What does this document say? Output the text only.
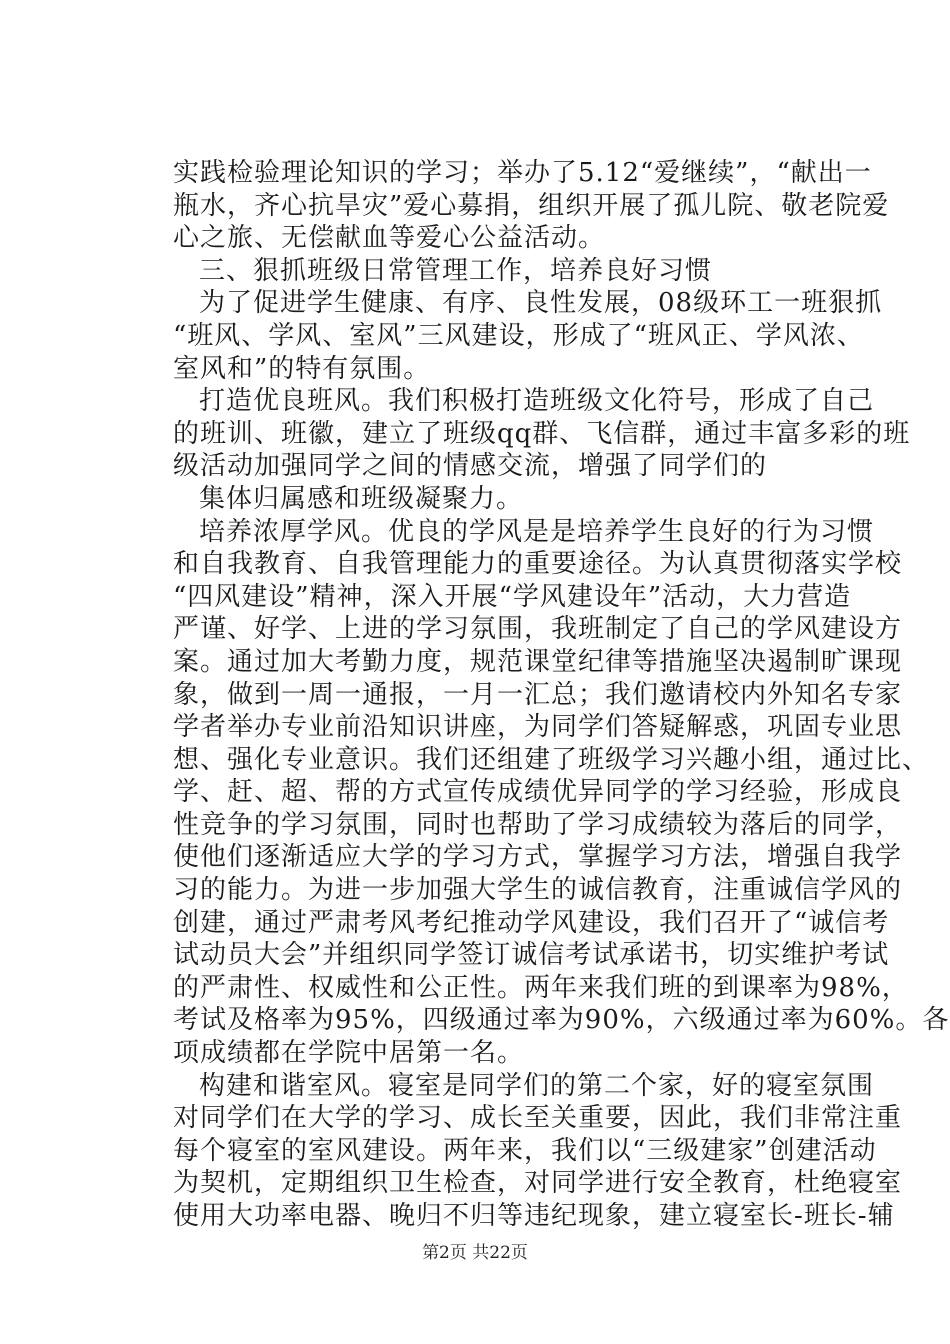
实践检验理论知识的学习；举办了5.12“爱继续”，“献出一
瓶水，齐心抗旱灾”爱心募捐，组织开展了孤儿院、敬老院爱
心之旅、无偿献血等爱心公益活动。
三、狠抓班级日常管理工作，培养良好习惯
为了促进学生健康、有序、良性发展，08级环工一班狠抓
“班风、学风、室风”三风建设，形成了“班风正、学风浓、
室风和”的特有氛围。
打造优良班风。我们积极打造班级文化符号，形成了自己
的班训、班徽，建立了班级qq群、飞信群，通过丰富多彩的班
级活动加强同学之间的情感交流，增强了同学们的
集体归属感和班级凝聚力。
培养浓厚学风。优良的学风是是培养学生良好的行为习惯
和自我教育、自我管理能力的重要途径。为认真贯彻落实学校
“四风建设”精神，深入开展“学风建设年”活动，大力营造
严谨、好学、上进的学习氛围，我班制定了自己的学风建设方
案。通过加大考勤力度，规范课堂纪律等措施坚决遏制旷课现
象，做到一周一通报，一月一汇总；我们邀请校内外知名专家
学者举办专业前沿知识讲座，为同学们答疑解惑，巩固专业思
想、强化专业意识。我们还组建了班级学习兴趣小组，通过比、
学、赶、超、帮的方式宣传成绩优异同学的学习经验，形成良
性竞争的学习氛围，同时也帮助了学习成绩较为落后的同学，
使他们逐渐适应大学的学习方式，掌握学习方法，增强自我学
习的能力。为进一步加强大学生的诚信教育，注重诚信学风的
创建，通过严肃考风考纪推动学风建设，我们召开了“诚信考
试动员大会”并组织同学签订诚信考试承诺书，切实维护考试
的严肃性、权威性和公正性。两年来我们班的到课率为98%，
考试及格率为95%，四级通过率为90%，六级通过率为60%。各
项成绩都在学院中居第一名。
构建和谐室风。寝室是同学们的第二个家，好的寝室氛围
对同学们在大学的学习、成长至关重要，因此，我们非常注重
每个寝室的室风建设。两年来，我们以“三级建家”创建活动
第2页 共22页
为契机，定期组织卫生检查，对同学进行安全教育，杜绝寝室
使用大功率电器、晚归不归等违纪现象，建立寝室长-班长-辅
